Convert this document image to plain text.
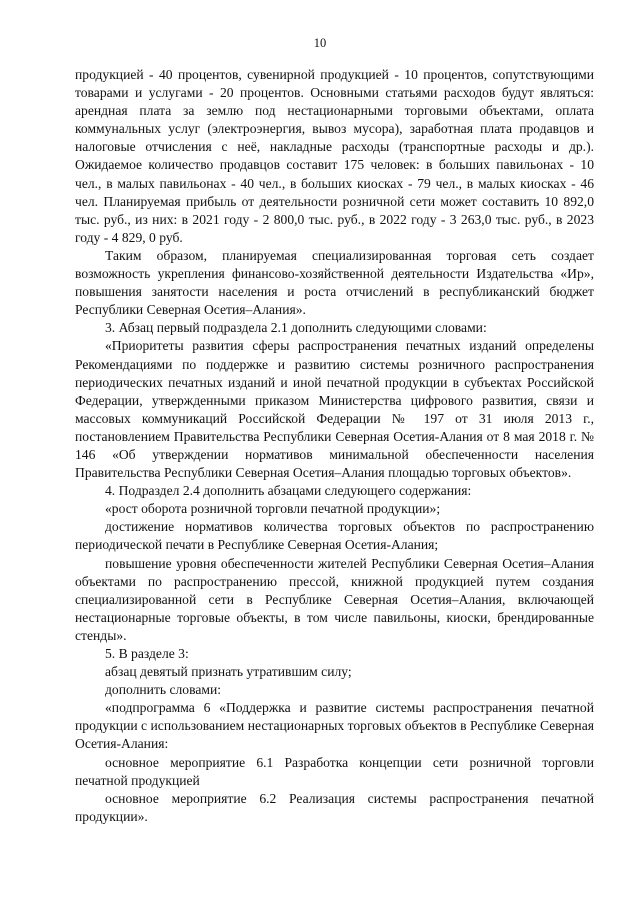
10

продукцией - 40 процентов, сувенирной продукцией - 10 процентов, сопутствующими товарами и услугами - 20 процентов. Основными статьями расходов будут являться: арендная плата за землю под нестационарными торговыми объектами, оплата коммунальных услуг (электроэнергия, вывоз мусора), заработная плата продавцов и налоговые отчисления с неё, накладные расходы (транспортные расходы и др.). Ожидаемое количество продавцов составит 175 человек: в больших павильонах - 10 чел., в малых павильонах - 40 чел., в больших киосках - 79 чел., в малых киосках - 46 чел. Планируемая прибыль от деятельности розничной сети может составить 10 892,0 тыс. руб., из них: в 2021 году - 2 800,0 тыс. руб., в 2022 году - 3 263,0 тыс. руб., в 2023 году - 4 829, 0 руб.

Таким образом, планируемая специализированная торговая сеть создает возможность укрепления финансово-хозяйственной деятельности Издательства «Ир», повышения занятости населения и роста отчислений в республиканский бюджет Республики Северная Осетия–Алания».

3. Абзац первый подраздела 2.1 дополнить следующими словами:

«Приоритеты развития сферы распространения печатных изданий определены Рекомендациями по поддержке и развитию системы розничного распространения периодических печатных изданий и иной печатной продукции в субъектах Российской Федерации, утвержденными приказом Министерства цифрового развития, связи и массовых коммуникаций Российской Федерации № 197 от 31 июля 2013 г., постановлением Правительства Республики Северная Осетия-Алания от 8 мая 2018 г. № 146 «Об утверждении нормативов минимальной обеспеченности населения Правительства Республики Северная Осетия–Алания площадью торговых объектов».

4. Подраздел 2.4 дополнить абзацами следующего содержания:

«рост оборота розничной торговли печатной продукции»;

достижение нормативов количества торговых объектов по распространению периодической печати в Республике Северная Осетия-Алания;

повышение уровня обеспеченности жителей Республики Северная Осетия–Алания объектами по распространению прессой, книжной продукцией путем создания специализированной сети в Республике Северная Осетия–Алания, включающей нестационарные торговые объекты, в том числе павильоны, киоски, брендированные стенды».

5. В разделе 3:

абзац девятый признать утратившим силу;

дополнить словами:

«подпрограмма 6 «Поддержка и развитие системы распространения печатной продукции с использованием нестационарных торговых объектов в Республике Северная Осетия-Алания:

основное мероприятие 6.1 Разработка концепции сети розничной торговли печатной продукцией

основное мероприятие 6.2 Реализация системы распространения печатной продукции».
